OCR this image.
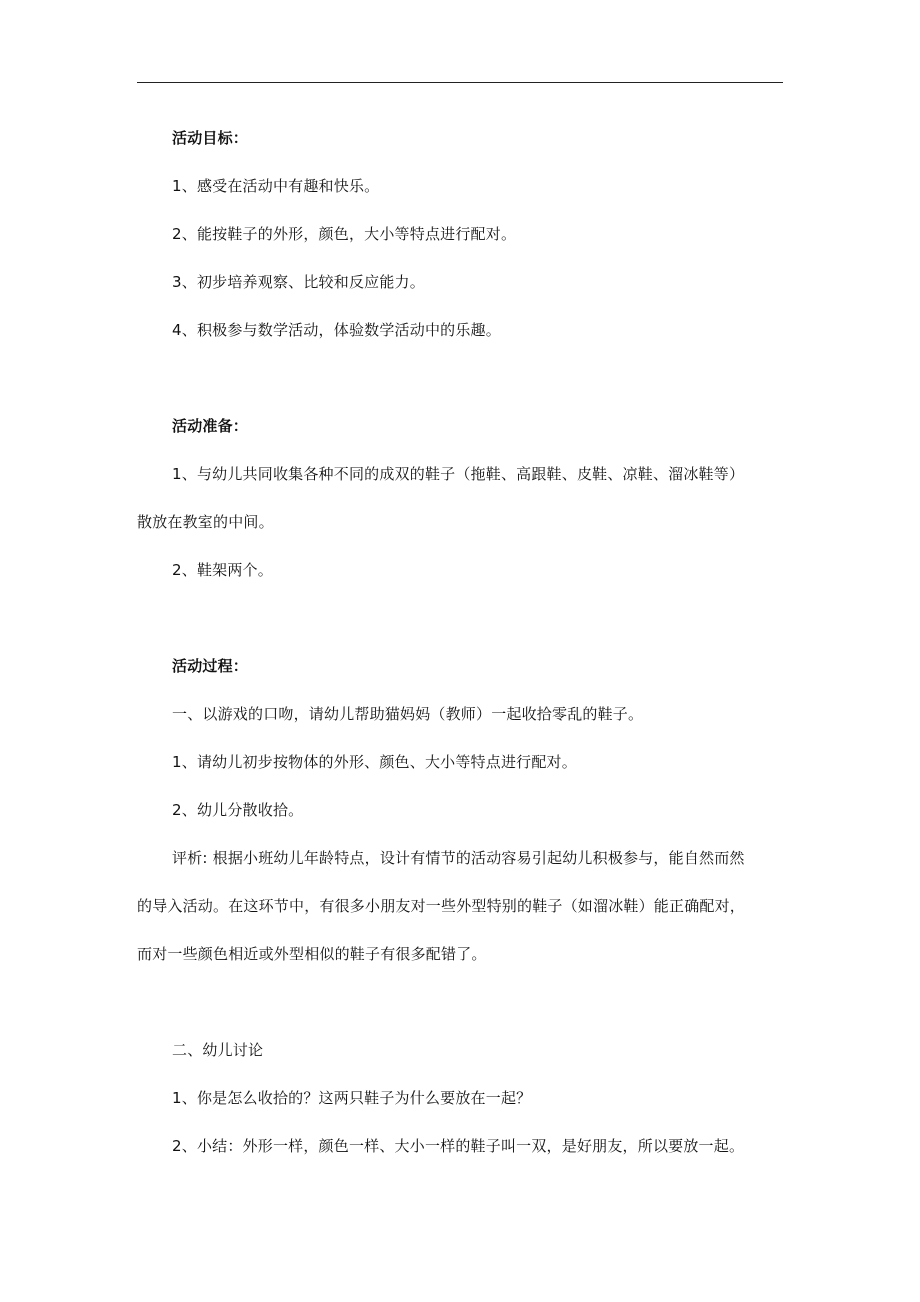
活动目标：
1、感受在活动中有趣和快乐。
2、能按鞋子的外形，颜色，大小等特点进行配对。
3、初步培养观察、比较和反应能力。
4、积极参与数学活动，体验数学活动中的乐趣。
活动准备：
1、与幼儿共同收集各种不同的成双的鞋子（拖鞋、高跟鞋、皮鞋、凉鞋、溜冰鞋等）
散放在教室的中间。
2、鞋架两个。
活动过程：
一、以游戏的口吻，请幼儿帮助猫妈妈（教师）一起收拾零乱的鞋子。
1、请幼儿初步按物体的外形、颜色、大小等特点进行配对。
2、幼儿分散收拾。
评析: 根据小班幼儿年龄特点，设计有情节的活动容易引起幼儿积极参与，能自然而然
的导入活动。在这环节中，有很多小朋友对一些外型特别的鞋子（如溜冰鞋）能正确配对，
而对一些颜色相近或外型相似的鞋子有很多配错了。
二、幼儿讨论
1、你是怎么收拾的？这两只鞋子为什么要放在一起？
2、小结：外形一样，颜色一样、大小一样的鞋子叫一双，是好朋友，所以要放一起。
